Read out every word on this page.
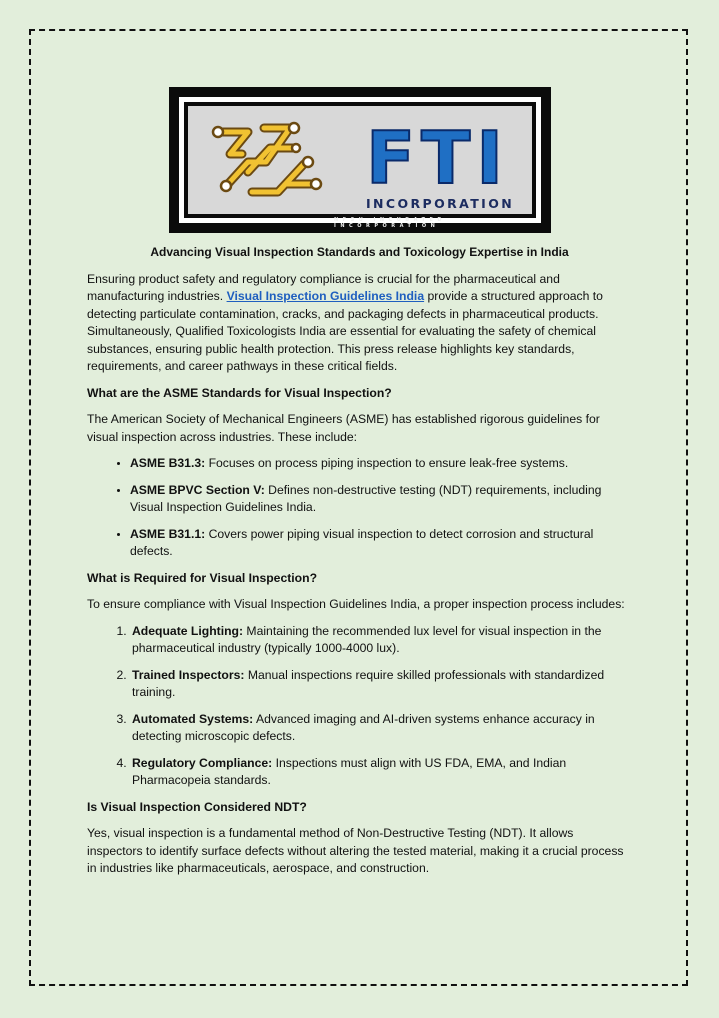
FTI
INCORPORATION
NFSU INCUBATED INCORPORATION
Advancing Visual Inspection Standards and Toxicology Expertise in India

Ensuring product safety and regulatory compliance is crucial for the pharmaceutical and manufacturing industries. Visual Inspection Guidelines India provide a structured approach to detecting particulate contamination, cracks, and packaging defects in pharmaceutical products. Simultaneously, Qualified Toxicologists India are essential for evaluating the safety of chemical substances, ensuring public health protection. This press release highlights key standards, requirements, and career pathways in these critical fields.

What are the ASME Standards for Visual Inspection?

The American Society of Mechanical Engineers (ASME) has established rigorous guidelines for visual inspection across industries. These include:

• ASME B31.3: Focuses on process piping inspection to ensure leak-free systems.
• ASME BPVC Section V: Defines non-destructive testing (NDT) requirements, including Visual Inspection Guidelines India.
• ASME B31.1: Covers power piping visual inspection to detect corrosion and structural defects.
What is Required for Visual Inspection?

To ensure compliance with Visual Inspection Guidelines India, a proper inspection process includes:

1. Adequate Lighting: Maintaining the recommended lux level for visual inspection in the pharmaceutical industry (typically 1000-4000 lux).
2. Trained Inspectors: Manual inspections require skilled professionals with standardized training.
3. Automated Systems: Advanced imaging and AI-driven systems enhance accuracy in detecting microscopic defects.
4. Regulatory Compliance: Inspections must align with US FDA, EMA, and Indian Pharmacopeia standards.
Is Visual Inspection Considered NDT?

Yes, visual inspection is a fundamental method of Non-Destructive Testing (NDT). It allows inspectors to identify surface defects without altering the tested material, making it a crucial process in industries like pharmaceuticals, aerospace, and construction.
